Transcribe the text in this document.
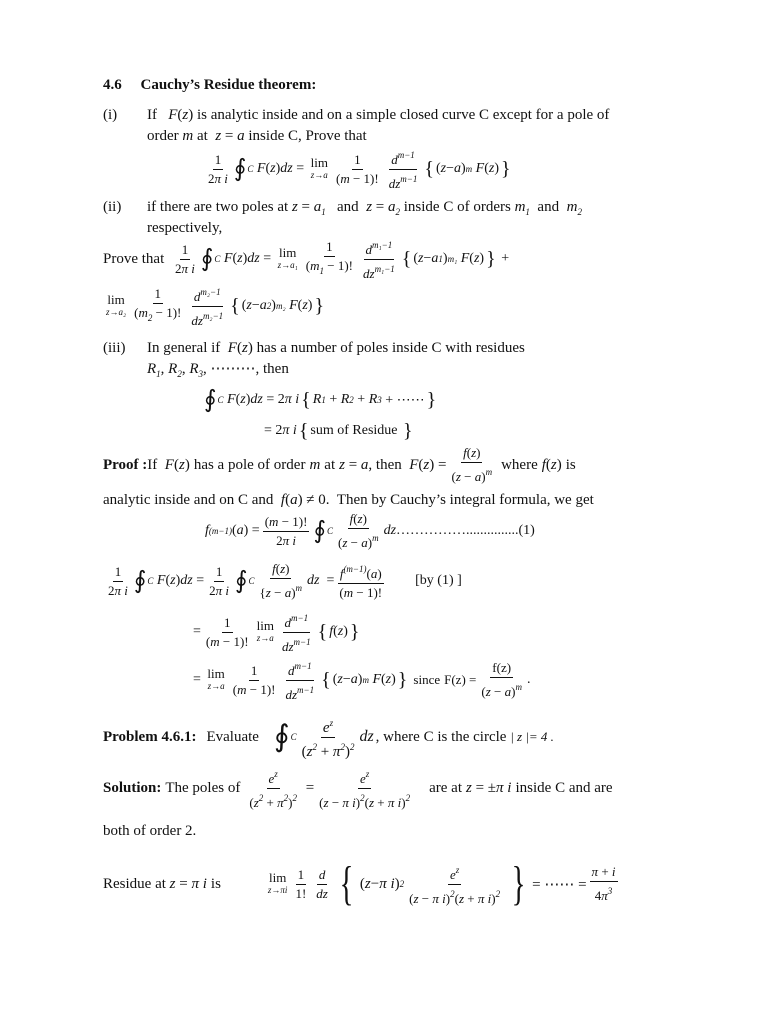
4.6 Cauchy’s Residue theorem:
(i) If F(z) is analytic inside and on a simple closed curve C except for a pole of
order m at z = a inside C, Prove that
$\frac{1}{\text{2π i}}$ ∮ C F ( z ) dz = lim
$z\to a \frac{1}{(m - 1)!} \frac{d^{m-1}}{dz^{m-1}}$ { ( z − a ) m
F ( z ) }
(ii) if there are two poles at $z = a_1$ and $z = a_2$ inside C of orders $m_1$  and  $m_2$
respectively,
Prove that $\frac{1}{\text{2π i}}$ ∮ C F ( z ) dz = lim
$z\to a_1 \frac{1}{(m_1 - 1)!} \frac{d^{m_1-1}}{dz^{m_1-1}}$ { ( z − a 1 ) m₁
F ( z ) } +
lim
$z\to a_2 \frac{1}{(m_2 - 1)!} \frac{d^{m_2-1}}{dz^{m_2-1}}$ { ( z − a 2 ) m₂
F ( z ) }
(iii) In general if F(z) has a number of poles inside C with residues
$R_1$, $R_2$, $R_3$, ⋯⋯⋯, then
∮ C F ( z ) dz = 2 π i { R 1 + R 2 + R 3 + ⋯⋯ }
= 2 π i { sum of Residue
}
Proof : If
F ( z ) has a pole of order m at z = a , then
F ( z ) = $\frac{f(z)}{(z - a)^m}$ where f ( z ) is
analytic inside and on C and f(a) ≠ 0.  Then by Cauchy’s integral formula, we get
f (m−1) ( a ) = $\frac{(m - 1)!}{\text{2π i}}$ ∮ C $\frac{f(z)}{(z - a)^m}$ dz ……………...............(1)
$\frac{1}{\text{2π i}}$ ∮ C F ( z ) dz = $\frac{1}{\text{2π i}}$ ∮ C $\frac{f(z)}{\{z - a)^m}$ dz = $\frac{f^{(m-1)}(a)}{(m - 1)!} [by$ (1) ]
= $\frac{1}{(m - 1)!}$ lim
$z\to a \frac{d^{m-1}}{dz^{m-1}}$ { f ( z ) }
= lim
$z\to a \frac{1}{(m - 1)!} \frac{d^{m-1}}{dz^{m-1}}$ { ( z − a ) m
F ( z ) } since $F(z) = \frac{f(z)}{(z - a)^m}$ .
Problem 4.6.1: Evaluate ∮ C $\frac{e^z}{(z^2 + \pi^2)^2}$ dz , where C is the circle
| z |= 4 .
Solution: The poles of $\frac{e^z}{(z^2 + \pi^2)^2} = \frac{e^z}{(z - \pi i)^2(z + \pi i)^2}$ are at z = ± π i inside C and are
both of order 2.
Residue at
z = π i is	lim
$z\to\pi i \frac{1}{1!} \frac{d}{dz}$ { ( z − π i ) $2 \frac{e^z}{(z - \pi i)^2(z + \pi i)^2}$ } = ⋯⋯ = $\frac{\pi + i}{4\pi^3}$
